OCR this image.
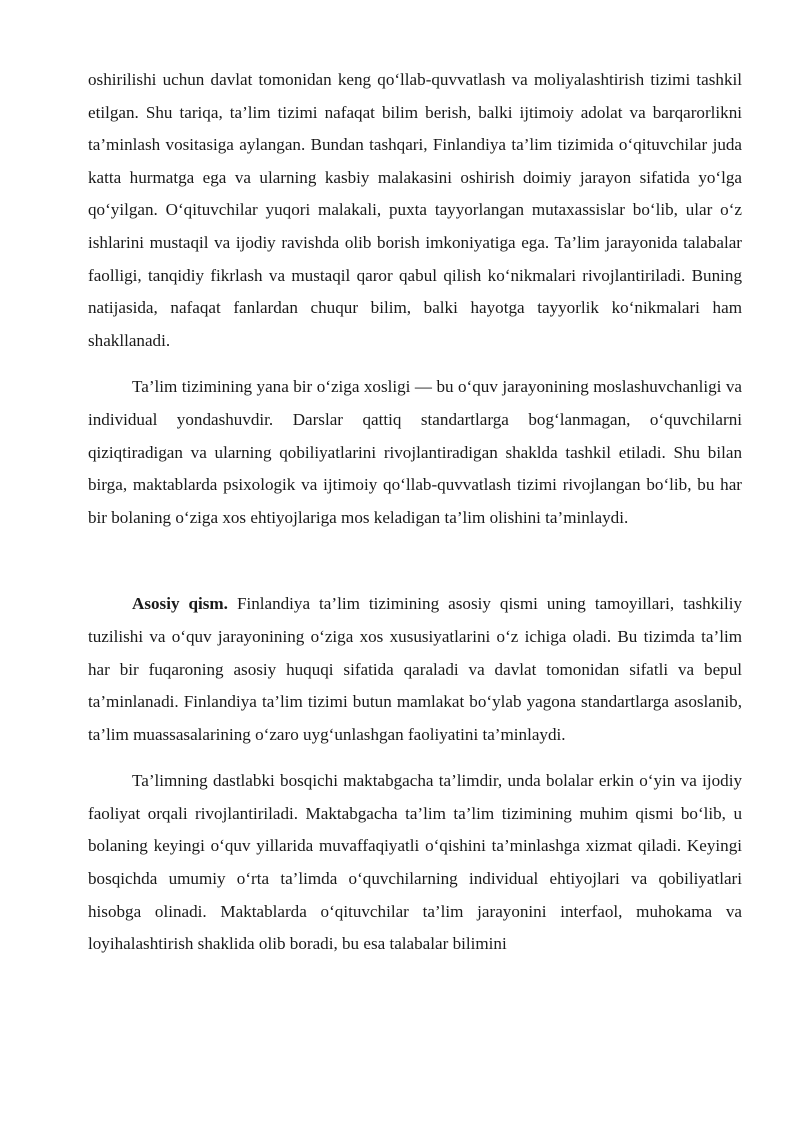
oshirilishi uchun davlat tomonidan keng qo‘llab-quvvatlash va moliyalashtirish tizimi tashkil etilgan. Shu tariqa, ta’lim tizimi nafaqat bilim berish, balki ijtimoiy adolat va barqarorlikni ta’minlash vositasiga aylangan. Bundan tashqari, Finlandiya ta’lim tizimida o‘qituvchilar juda katta hurmatga ega va ularning kasbiy malakasini oshirish doimiy jarayon sifatida yo‘lga qo‘yilgan. O‘qituvchilar yuqori malakali, puxta tayyorlangan mutaxassislar bo‘lib, ular o‘z ishlarini mustaqil va ijodiy ravishda olib borish imkoniyatiga ega. Ta’lim jarayonida talabalar faolligi, tanqidiy fikrlash va mustaqil qaror qabul qilish ko‘nikmalari rivojlantiriladi. Buning natijasida, nafaqat fanlardan chuqur bilim, balki hayotga tayyorlik ko‘nikmalari ham shakllanadi.

Ta’lim tizimining yana bir o‘ziga xosligi — bu o‘quv jarayonining moslashuvchanligi va individual yondashuvdir. Darslar qattiq standartlarga bog‘lanmagan, o‘quvchilarni qiziqtiradigan va ularning qobiliyatlarini rivojlantiradigan shaklda tashkil etiladi. Shu bilan birga, maktablarda psixologik va ijtimoiy qo‘llab-quvvatlash tizimi rivojlangan bo‘lib, bu har bir bolaning o‘ziga xos ehtiyojlariga mos keladigan ta’lim olishini ta’minlaydi.

Asosiy qism. Finlandiya ta’lim tizimining asosiy qismi uning tamoyillari, tashkiliy tuzilishi va o‘quv jarayonining o‘ziga xos xususiyatlarini o‘z ichiga oladi. Bu tizimda ta’lim har bir fuqaroning asosiy huquqi sifatida qaraladi va davlat tomonidan sifatli va bepul ta’minlanadi. Finlandiya ta’lim tizimi butun mamlakat bo‘ylab yagona standartlarga asoslanib, ta’lim muassasalarining o‘zaro uyg‘unlashgan faoliyatini ta’minlaydi.

Ta’limning dastlabki bosqichi maktabgacha ta’limdir, unda bolalar erkin o‘yin va ijodiy faoliyat orqali rivojlantiriladi. Maktabgacha ta’lim ta’lim tizimining muhim qismi bo‘lib, u bolaning keyingi o‘quv yillarida muvaffaqiyatli o‘qishini ta’minlashga xizmat qiladi. Keyingi bosqichda umumiy o‘rta ta’limda o‘quvchilarning individual ehtiyojlari va qobiliyatlari hisobga olinadi. Maktablarda o‘qituvchilar ta’lim jarayonini interfaol, muhokama va loyihalashtirish shaklida olib boradi, bu esa talabalar bilimini
